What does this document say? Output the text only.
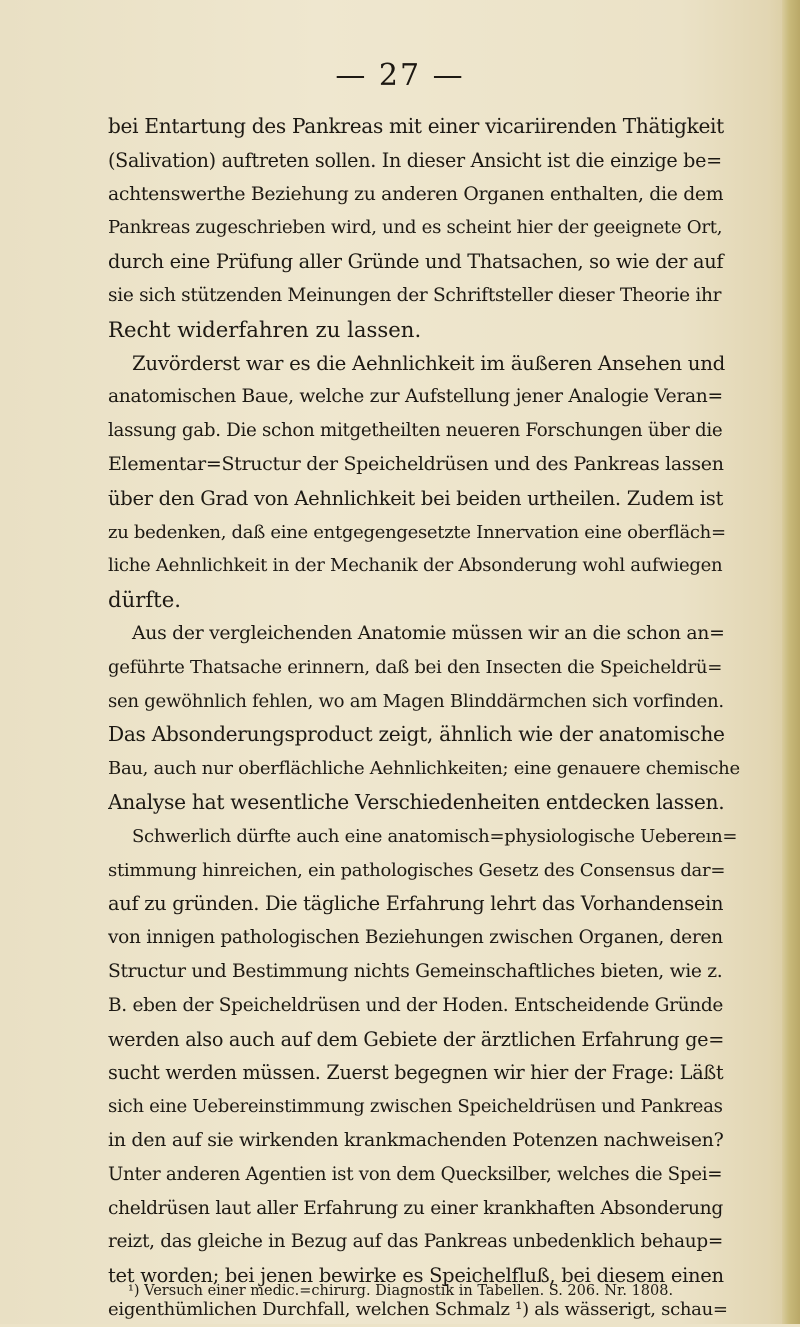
— 27 —
bei Entartung des Pankreas mit einer vicariirenden Thätigkeit
(Salivation) auftreten sollen. In dieser Ansicht ist die einzige be=
achtenswerthe Beziehung zu anderen Organen enthalten, die dem
Pankreas zugeschrieben wird, und es scheint hier der geeignete Ort,
durch eine Prüfung aller Gründe und Thatsachen, so wie der auf
sie sich stützenden Meinungen der Schriftsteller dieser Theorie ihr
Recht widerfahren zu lassen.
Zuvörderst war es die Aehnlichkeit im äußeren Ansehen und
anatomischen Baue, welche zur Aufstellung jener Analogie Veran=
lassung gab. Die schon mitgetheilten neueren Forschungen über die
Elementar=Structur der Speicheldrüsen und des Pankreas lassen
über den Grad von Aehnlichkeit bei beiden urtheilen. Zudem ist
zu bedenken, daß eine entgegengesetzte Innervation eine oberfläch=
liche Aehnlichkeit in der Mechanik der Absonderung wohl aufwiegen
dürfte.
Aus der vergleichenden Anatomie müssen wir an die schon an=
geführte Thatsache erinnern, daß bei den Insecten die Speicheldrü=
sen gewöhnlich fehlen, wo am Magen Blinddärmchen sich vorfinden.
Das Absonderungsproduct zeigt, ähnlich wie der anatomische
Bau, auch nur oberflächliche Aehnlichkeiten; eine genauere chemische
Analyse hat wesentliche Verschiedenheiten entdecken lassen.
Schwerlich dürfte auch eine anatomisch=physiologische Uebereın=
stimmung hinreichen, ein pathologisches Gesetz des Consensus dar=
auf zu gründen. Die tägliche Erfahrung lehrt das Vorhandensein
von innigen pathologischen Beziehungen zwischen Organen, deren
Structur und Bestimmung nichts Gemeinschaftliches bieten, wie z.
B. eben der Speicheldrüsen und der Hoden. Entscheidende Gründe
werden also auch auf dem Gebiete der ärztlichen Erfahrung ge=
sucht werden müssen. Zuerst begegnen wir hier der Frage: Läßt
sich eine Uebereinstimmung zwischen Speicheldrüsen und Pankreas
in den auf sie wirkenden krankmachenden Potenzen nachweisen?
Unter anderen Agentien ist von dem Quecksilber, welches die Spei=
cheldrüsen laut aller Erfahrung zu einer krankhaften Absonderung
reizt, das gleiche in Bezug auf das Pankreas unbedenklich behaup=
tet worden; bei jenen bewirke es Speichelfluß, bei diesem einen
eigenthümlichen Durchfall, welchen Schmalz ¹) als wässerigt, schau=
¹) Versuch einer medic.=chirurg. Diagnostik in Tabellen. S. 206. Nr. 1808.
